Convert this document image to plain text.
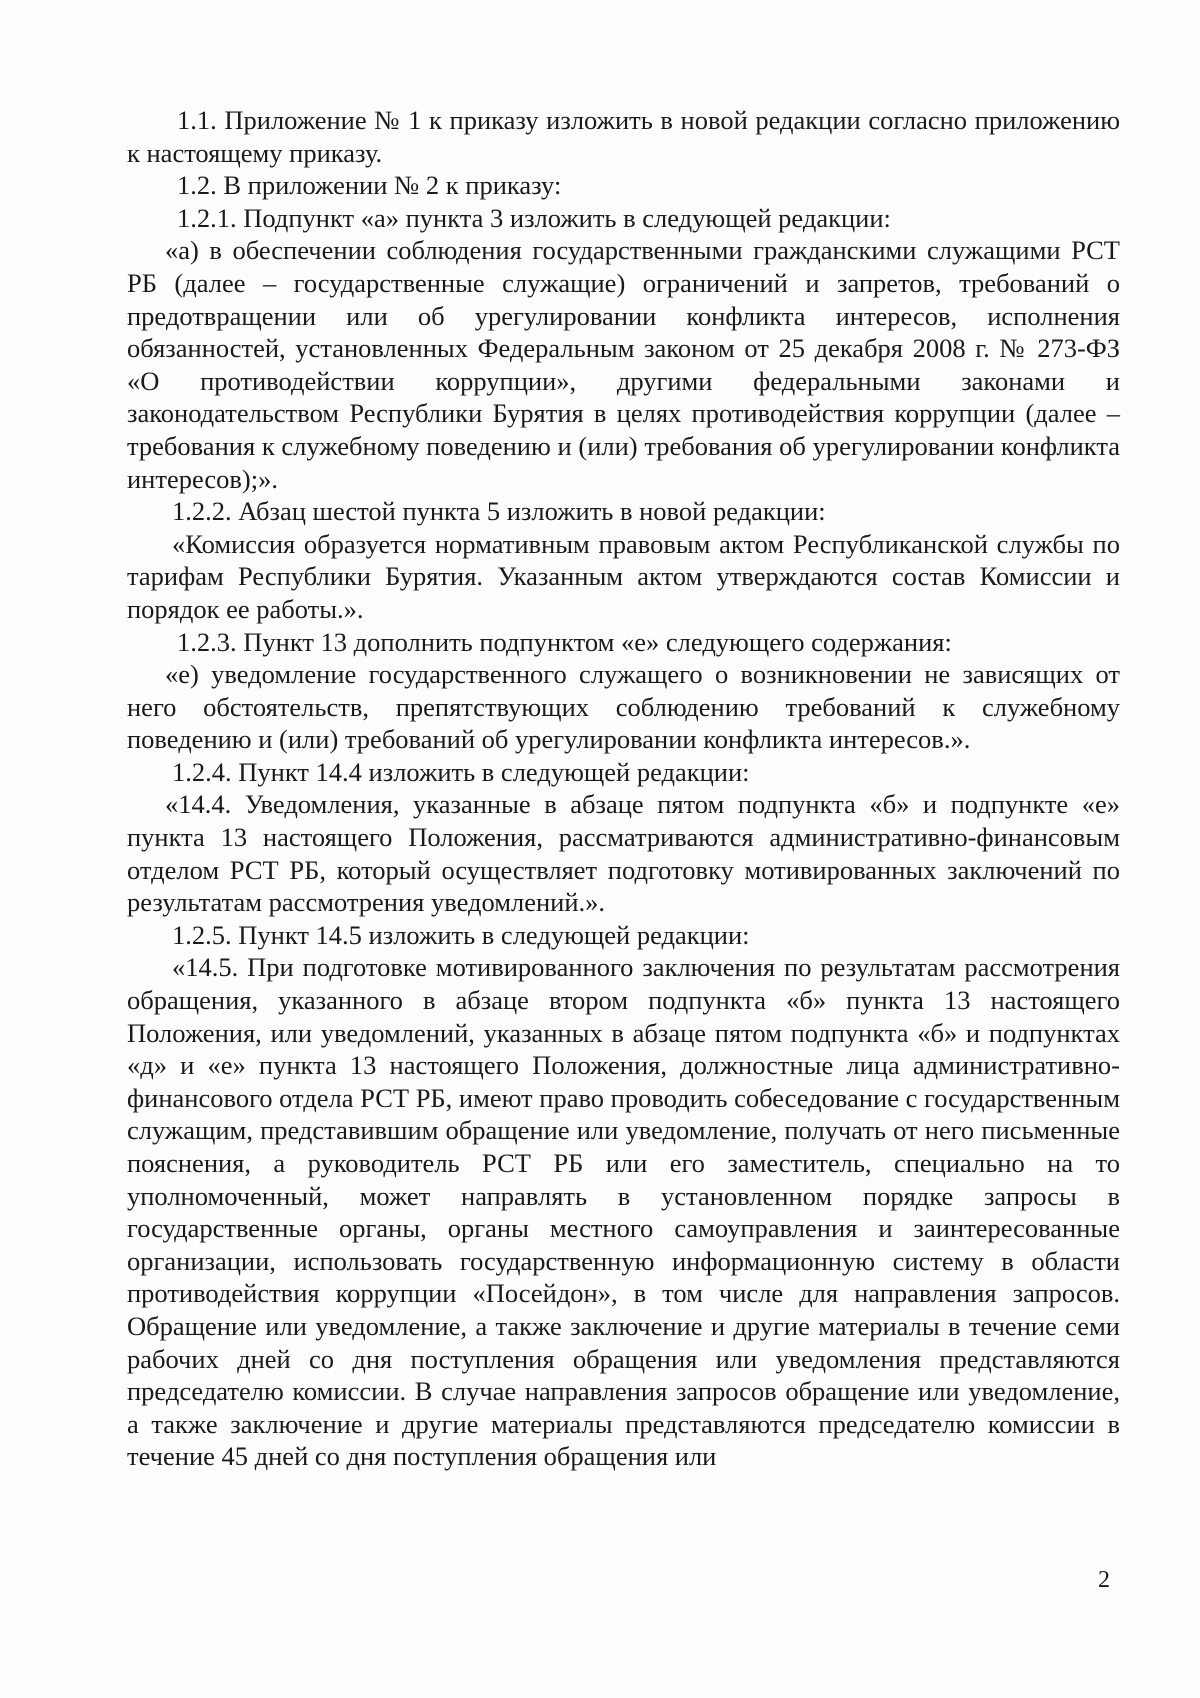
1.1. Приложение № 1 к приказу изложить в новой редакции согласно приложению к настоящему приказу.

1.2. В приложении № 2 к приказу:

1.2.1. Подпункт «а» пункта 3 изложить в следующей редакции:

«а) в обеспечении соблюдения государственными гражданскими служащими РСТ РБ (далее – государственные служащие) ограничений и запретов, требований о предотвращении или об урегулировании конфликта интересов, исполнения обязанностей, установленных Федеральным законом от 25 декабря 2008 г. № 273-ФЗ «О противодействии коррупции», другими федеральными законами и законодательством Республики Бурятия в целях противодействия коррупции (далее – требования к служебному поведению и (или) требования об урегулировании конфликта интересов);».

1.2.2. Абзац шестой пункта 5 изложить в новой редакции:

«Комиссия образуется нормативным правовым актом Республиканской службы по тарифам Республики Бурятия. Указанным актом утверждаются состав Комиссии и порядок ее работы.».

1.2.3. Пункт 13 дополнить подпунктом «е» следующего содержания:

«е) уведомление государственного служащего о возникновении не зависящих от него обстоятельств, препятствующих соблюдению требований к служебному поведению и (или) требований об урегулировании конфликта интересов.».

1.2.4. Пункт 14.4 изложить в следующей редакции:

«14.4. Уведомления, указанные в абзаце пятом подпункта «б» и подпункте «е» пункта 13 настоящего Положения, рассматриваются административно-финансовым отделом РСТ РБ, который осуществляет подготовку мотивированных заключений по результатам рассмотрения уведомлений.».

1.2.5. Пункт 14.5 изложить в следующей редакции:

«14.5. При подготовке мотивированного заключения по результатам рассмотрения обращения, указанного в абзаце втором подпункта «б» пункта 13 настоящего Положения, или уведомлений, указанных в абзаце пятом подпункта «б» и подпунктах «д» и «е» пункта 13 настоящего Положения, должностные лица административно-финансового отдела РСТ РБ, имеют право проводить собеседование с государственным служащим, представившим обращение или уведомление, получать от него письменные пояснения, а руководитель РСТ РБ или его заместитель, специально на то уполномоченный, может направлять в установленном порядке запросы в государственные органы, органы местного самоуправления и заинтересованные организации, использовать государственную информационную систему в области противодействия коррупции «Посейдон», в том числе для направления запросов. Обращение или уведомление, а также заключение и другие материалы в течение семи рабочих дней со дня поступления обращения или уведомления представляются председателю комиссии. В случае направления запросов обращение или уведомление, а также заключение и другие материалы представляются председателю комиссии в течение 45 дней со дня поступления обращения или

2
